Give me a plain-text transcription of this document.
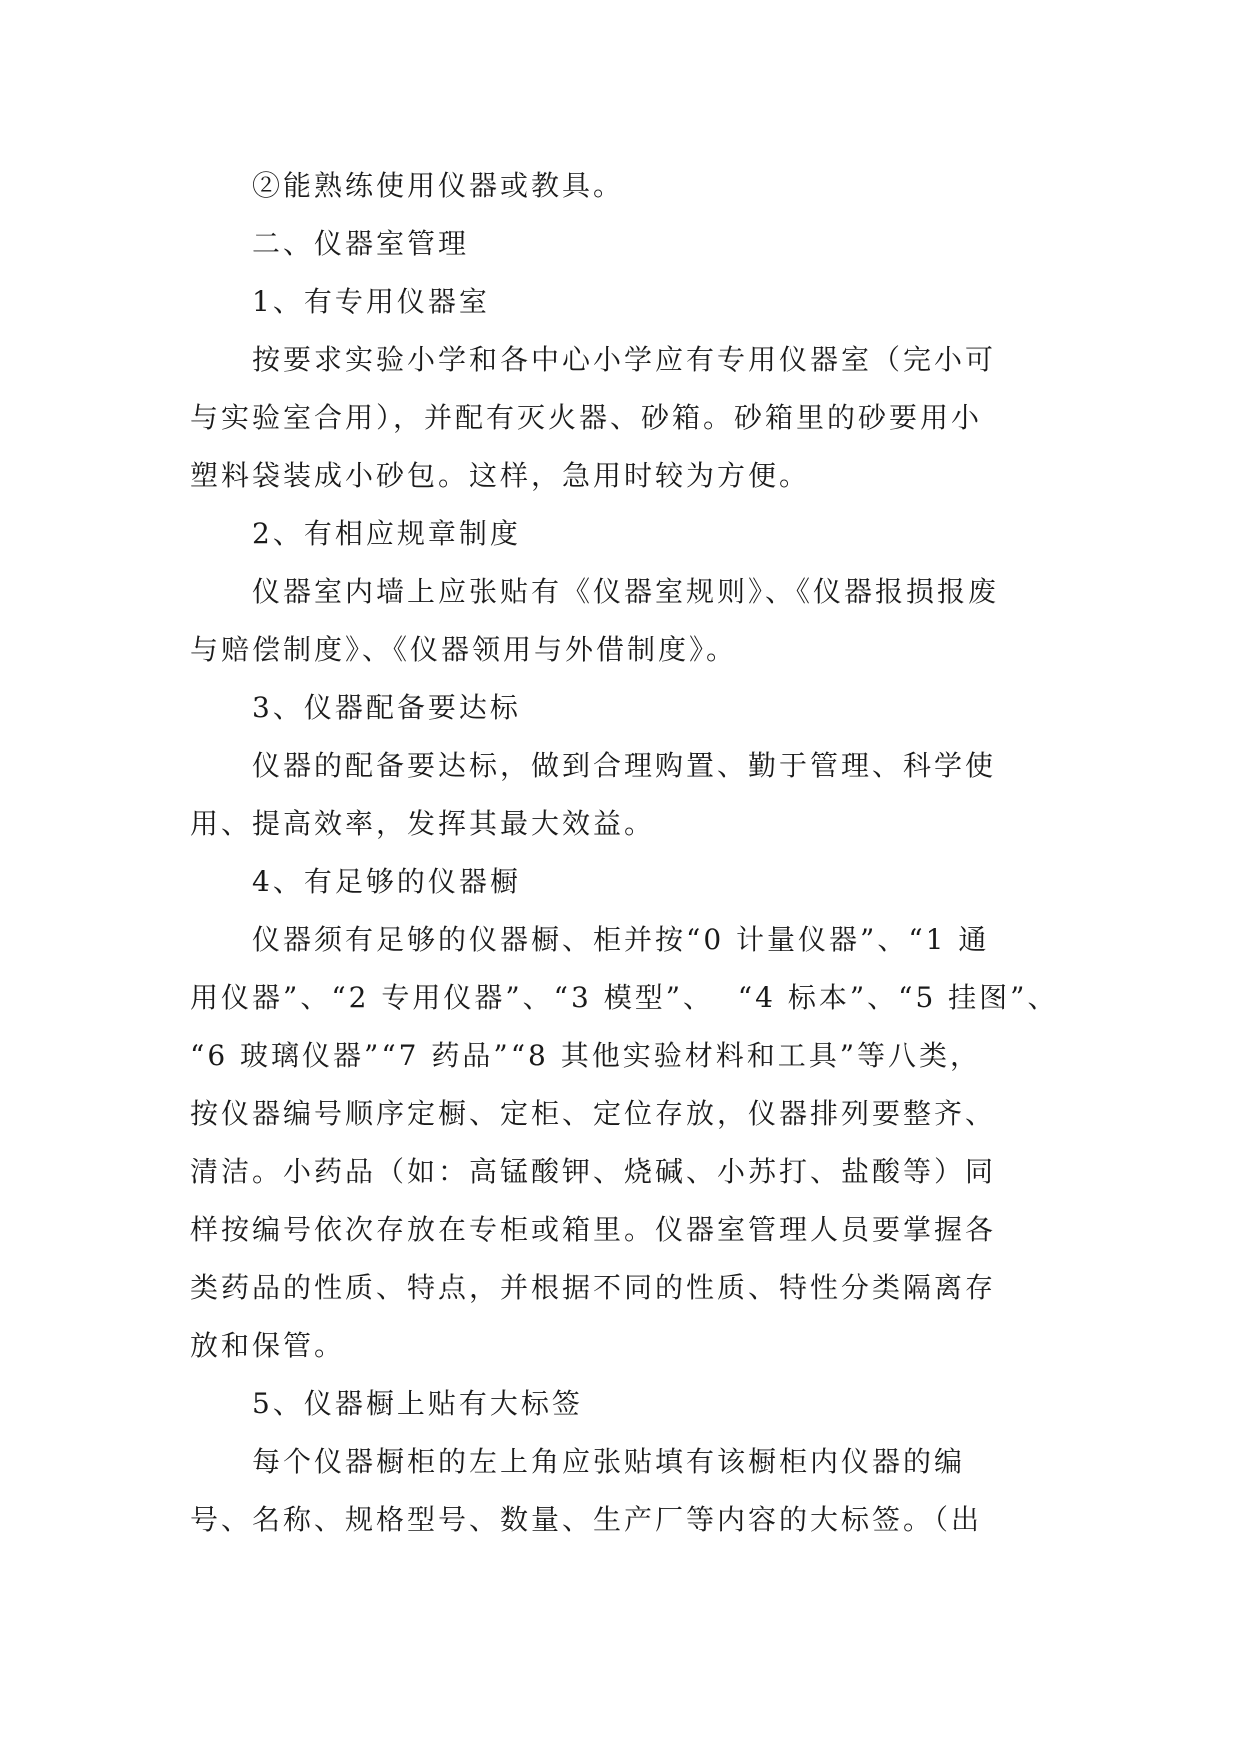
②能熟练使用仪器或教具。

二、仪器室管理

1、有专用仪器室

按要求实验小学和各中心小学应有专用仪器室（完小可

与实验室合用），并配有灭火器、砂箱。砂箱里的砂要用小

塑料袋装成小砂包。这样，急用时较为方便。

2、有相应规章制度

仪器室内墙上应张贴有《仪器室规则》、《仪器报损报废

与赔偿制度》、《仪器领用与外借制度》。

3、仪器配备要达标

仪器的配备要达标，做到合理购置、勤于管理、科学使

用、提高效率，发挥其最大效益。

4、有足够的仪器橱

仪器须有足够的仪器橱、柜并按“0 计量仪器”、“1 通

用仪器”、“2 专用仪器”、“3 模型”、  “4 标本”、“5 挂图”、

“6 玻璃仪器”“7 药品”“8 其他实验材料和工具”等八类，

按仪器编号顺序定橱、定柜、定位存放，仪器排列要整齐、

清洁。小药品（如：高锰酸钾、烧碱、小苏打、盐酸等）同

样按编号依次存放在专柜或箱里。仪器室管理人员要掌握各

类药品的性质、特点，并根据不同的性质、特性分类隔离存

放和保管。

5、仪器橱上贴有大标签

每个仪器橱柜的左上角应张贴填有该橱柜内仪器的编

号、名称、规格型号、数量、生产厂等内容的大标签。（出
